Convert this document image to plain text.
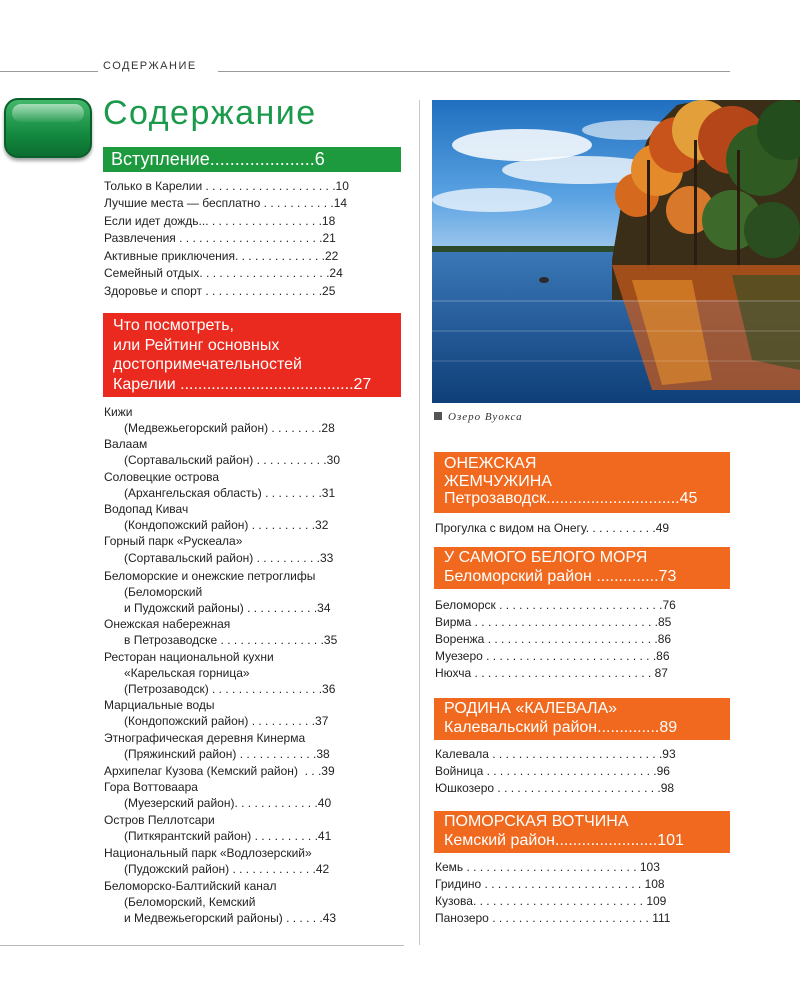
СОДЕРЖАНИЕ
Содержание
Вступление.....................6
Только в Карелии . . . . . . . . . . . . . . . . . . . .10
Лучшие места — бесплатно . . . . . . . . . . .14
Если идет дождь... . . . . . . . . . . . . . . . . .18
Развлечения . . . . . . . . . . . . . . . . . . . . . .21
Активные приключения. . . . . . . . . . . . . .22
Семейный отдых. . . . . . . . . . . . . . . . . . . .24
Здоровье и спорт . . . . . . . . . . . . . . . . . .25
Что посмотреть,
или Рейтинг основных
достопримечательностей
Карелии .......................................27
Кижи
(Медвежьегорский район) . . . . . . . .28
Валаам
(Сортавальский район) . . . . . . . . . . .30
Соловецкие острова
(Архангельская область) . . . . . . . . .31
Водопад Кивач
(Кондопожский район) . . . . . . . . . .32
Горный парк «Рускеала»
(Сортавальский район) . . . . . . . . . .33
Беломорские и онежские петроглифы
(Беломорский
и Пудожский районы) . . . . . . . . . . .34
Онежская набережная
в Петрозаводске . . . . . . . . . . . . . . . .35
Ресторан национальной кухни
«Карельская горница»
(Петрозаводск) . . . . . . . . . . . . . . . . .36
Марциальные воды
(Кондопожский район) . . . . . . . . . .37
Этнографическая деревня Кинерма
(Пряжинский район) . . . . . . . . . . . .38
Архипелаг Кузова (Кемский район)  . . .39
Гора Воттоваара
(Муезерский район). . . . . . . . . . . . .40
Остров Пеллотсари
(Питкярантский район) . . . . . . . . . .41
Национальный парк «Водлозерский»
(Пудожский район) . . . . . . . . . . . . .42
Беломорско-Балтийский канал
(Беломорский, Кемский
и Медвежьегорский районы) . . . . . .43
Озеро Вуокса
ОНЕЖСКАЯ
ЖЕМЧУЖИНА
Петрозаводск..............................45
Прогулка с видом на Онегу. . . . . . . . . . .49
У САМОГО БЕЛОГО МОРЯ
Беломорский район ..............73
Беломорск . . . . . . . . . . . . . . . . . . . . . . . . .76
Вирма . . . . . . . . . . . . . . . . . . . . . . . . . . . .85
Воренжа . . . . . . . . . . . . . . . . . . . . . . . . . .86
Муезеро . . . . . . . . . . . . . . . . . . . . . . . . . .86
Нюхча . . . . . . . . . . . . . . . . . . . . . . . . . . . 87
РОДИНА «КАЛЕВАЛА»
Калевальский район..............89
Калевала . . . . . . . . . . . . . . . . . . . . . . . . . .93
Войница . . . . . . . . . . . . . . . . . . . . . . . . . .96
Юшкозеро . . . . . . . . . . . . . . . . . . . . . . . . .98
ПОМОРСКАЯ ВОТЧИНА
Кемский район.......................101
Кемь . . . . . . . . . . . . . . . . . . . . . . . . . . 103
Гридино . . . . . . . . . . . . . . . . . . . . . . . . 108
Кузова. . . . . . . . . . . . . . . . . . . . . . . . . . 109
Панозеро . . . . . . . . . . . . . . . . . . . . . . . . 111
